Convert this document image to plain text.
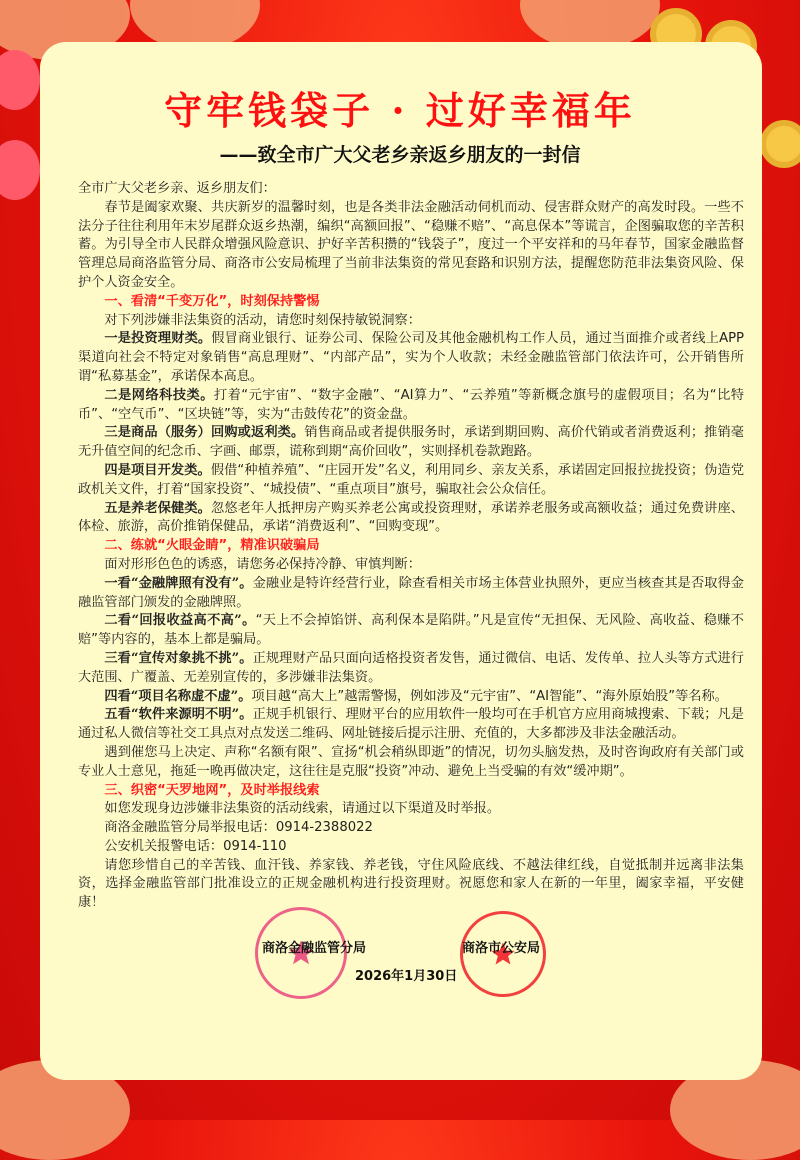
守牢钱袋子 · 过好幸福年
——致全市广大父老乡亲返乡朋友的一封信

全市广大父老乡亲、返乡朋友们：

春节是阖家欢聚、共庆新岁的温馨时刻，也是各类非法金融活动伺机而动、侵害群众财产的高发时段。一些不法分子往往利用年末岁尾群众返乡热潮，编织“高额回报”、“稳赚不赔”、“高息保本”等谎言，企图骗取您的辛苦积蓄。为引导全市人民群众增强风险意识、护好辛苦积攒的“钱袋子”，度过一个平安祥和的马年春节，国家金融监督管理总局商洛监管分局、商洛市公安局梳理了当前非法集资的常见套路和识别方法，提醒您防范非法集资风险、保护个人资金安全。

一、看清“千变万化”，时刻保持警惕

对下列涉嫌非法集资的活动，请您时刻保持敏锐洞察：

一是投资理财类。假冒商业银行、证券公司、保险公司及其他金融机构工作人员，通过当面推介或者线上APP渠道向社会不特定对象销售“高息理财”、“内部产品”，实为个人收款；未经金融监管部门依法许可，公开销售所谓“私募基金”，承诺保本高息。

二是网络科技类。打着“元宇宙”、“数字金融”、“AI算力”、“云养殖”等新概念旗号的虚假项目；名为“比特币”、“空气币”、“区块链”等，实为“击鼓传花”的资金盘。

三是商品（服务）回购或返利类。销售商品或者提供服务时，承诺到期回购、高价代销或者消费返利；推销毫无升值空间的纪念币、字画、邮票，谎称到期“高价回收”，实则择机卷款跑路。

四是项目开发类。假借“种植养殖”、“庄园开发”名义，利用同乡、亲友关系，承诺固定回报拉拢投资；伪造党政机关文件，打着“国家投资”、“城投债”、“重点项目”旗号，骗取社会公众信任。

五是养老保健类。忽悠老年人抵押房产购买养老公寓或投资理财，承诺养老服务或高额收益；通过免费讲座、体检、旅游，高价推销保健品，承诺“消费返利”、“回购变现”。

二、练就“火眼金睛”，精准识破骗局

面对形形色色的诱惑，请您务必保持冷静、审慎判断：

一看“金融牌照有没有”。金融业是特许经营行业，除查看相关市场主体营业执照外，更应当核查其是否取得金融监管部门颁发的金融牌照。

二看“回报收益高不高”。“天上不会掉馅饼、高利保本是陷阱。”凡是宣传“无担保、无风险、高收益、稳赚不赔”等内容的，基本上都是骗局。

三看“宣传对象挑不挑”。正规理财产品只面向适格投资者发售，通过微信、电话、发传单、拉人头等方式进行大范围、广覆盖、无差别宣传的，多涉嫌非法集资。

四看“项目名称虚不虚”。项目越“高大上”越需警惕，例如涉及“元宇宙”、“AI智能”、“海外原始股”等名称。

五看“软件来源明不明”。正规手机银行、理财平台的应用软件一般均可在手机官方应用商城搜索、下载；凡是通过私人微信等社交工具点对点发送二维码、网址链接后提示注册、充值的，大多都涉及非法金融活动。

遇到催您马上决定、声称“名额有限”、宣扬“机会稍纵即逝”的情况，切勿头脑发热，及时咨询政府有关部门或专业人士意见，拖延一晚再做决定，这往往是克服“投资”冲动、避免上当受骗的有效“缓冲期”。

三、织密“天罗地网”，及时举报线索

如您发现身边涉嫌非法集资的活动线索，请通过以下渠道及时举报。

商洛金融监管分局举报电话：0914-2388022

公安机关报警电话：0914-110

请您珍惜自己的辛苦钱、血汗钱、养家钱、养老钱，守住风险底线、不越法律红线，自觉抵制并远离非法集资，选择金融监管部门批准设立的正规金融机构进行投资理财。祝愿您和家人在新的一年里，阖家幸福，平安健康！

商洛金融监管分局	商洛市公安局
2026年1月30日
